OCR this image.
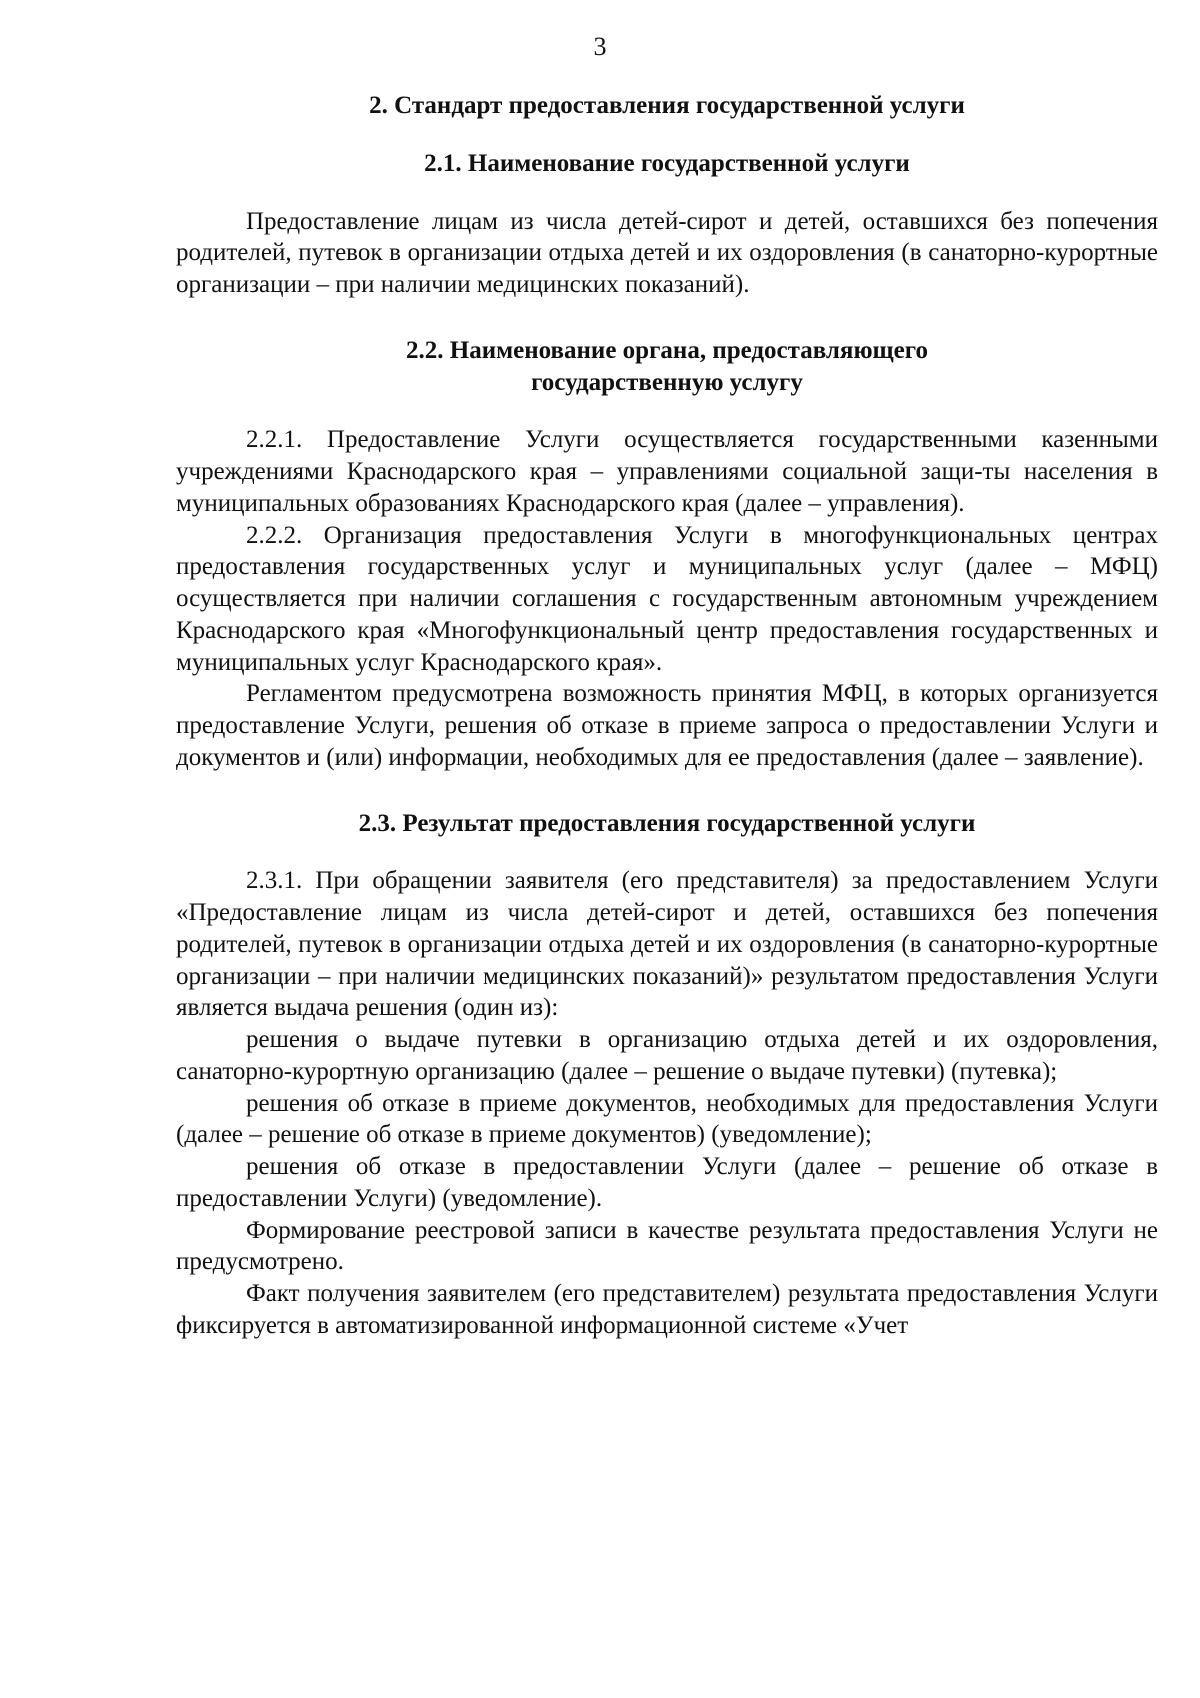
3

2. Стандарт предоставления государственной услуги

2.1. Наименование государственной услуги

Предоставление лицам из числа детей-сирот и детей, оставшихся без попечения родителей, путевок в организации отдыха детей и их оздоровления (в санаторно-курортные организации – при наличии медицинских показаний).

2.2. Наименование органа, предоставляющего

государственную услугу

2.2.1. Предоставление Услуги осуществляется государственными казенными учреждениями Краснодарского края – управлениями социальной защи-ты населения в муниципальных образованиях Краснодарского края (далее – управления).

2.2.2. Организация предоставления Услуги в многофункциональных центрах предоставления государственных услуг и муниципальных услуг (далее – МФЦ) осуществляется при наличии соглашения с государственным автономным учреждением Краснодарского края «Многофункциональный центр предоставления государственных и муниципальных услуг Краснодарского края».

Регламентом предусмотрена возможность принятия МФЦ, в которых организуется предоставление Услуги, решения об отказе в приеме запроса о предоставлении Услуги и документов и (или) информации, необходимых для ее предоставления (далее – заявление).

2.3. Результат предоставления государственной услуги

2.3.1. При обращении заявителя (его представителя) за предоставлением Услуги «Предоставление лицам из числа детей-сирот и детей, оставшихся без попечения родителей, путевок в организации отдыха детей и их оздоровления (в санаторно-курортные организации – при наличии медицинских показаний)» результатом предоставления Услуги является выдача решения (один из):

решения о выдаче путевки в организацию отдыха детей и их оздоровления, санаторно-курортную организацию (далее – решение о выдаче путевки) (путевка);

решения об отказе в приеме документов, необходимых для предоставления Услуги (далее – решение об отказе в приеме документов) (уведомление);

решения об отказе в предоставлении Услуги (далее – решение об отказе в предоставлении Услуги) (уведомление).

Формирование реестровой записи в качестве результата предоставления Услуги не предусмотрено.

Факт получения заявителем (его представителем) результата предоставления Услуги фиксируется в автоматизированной информационной системе «Учет
